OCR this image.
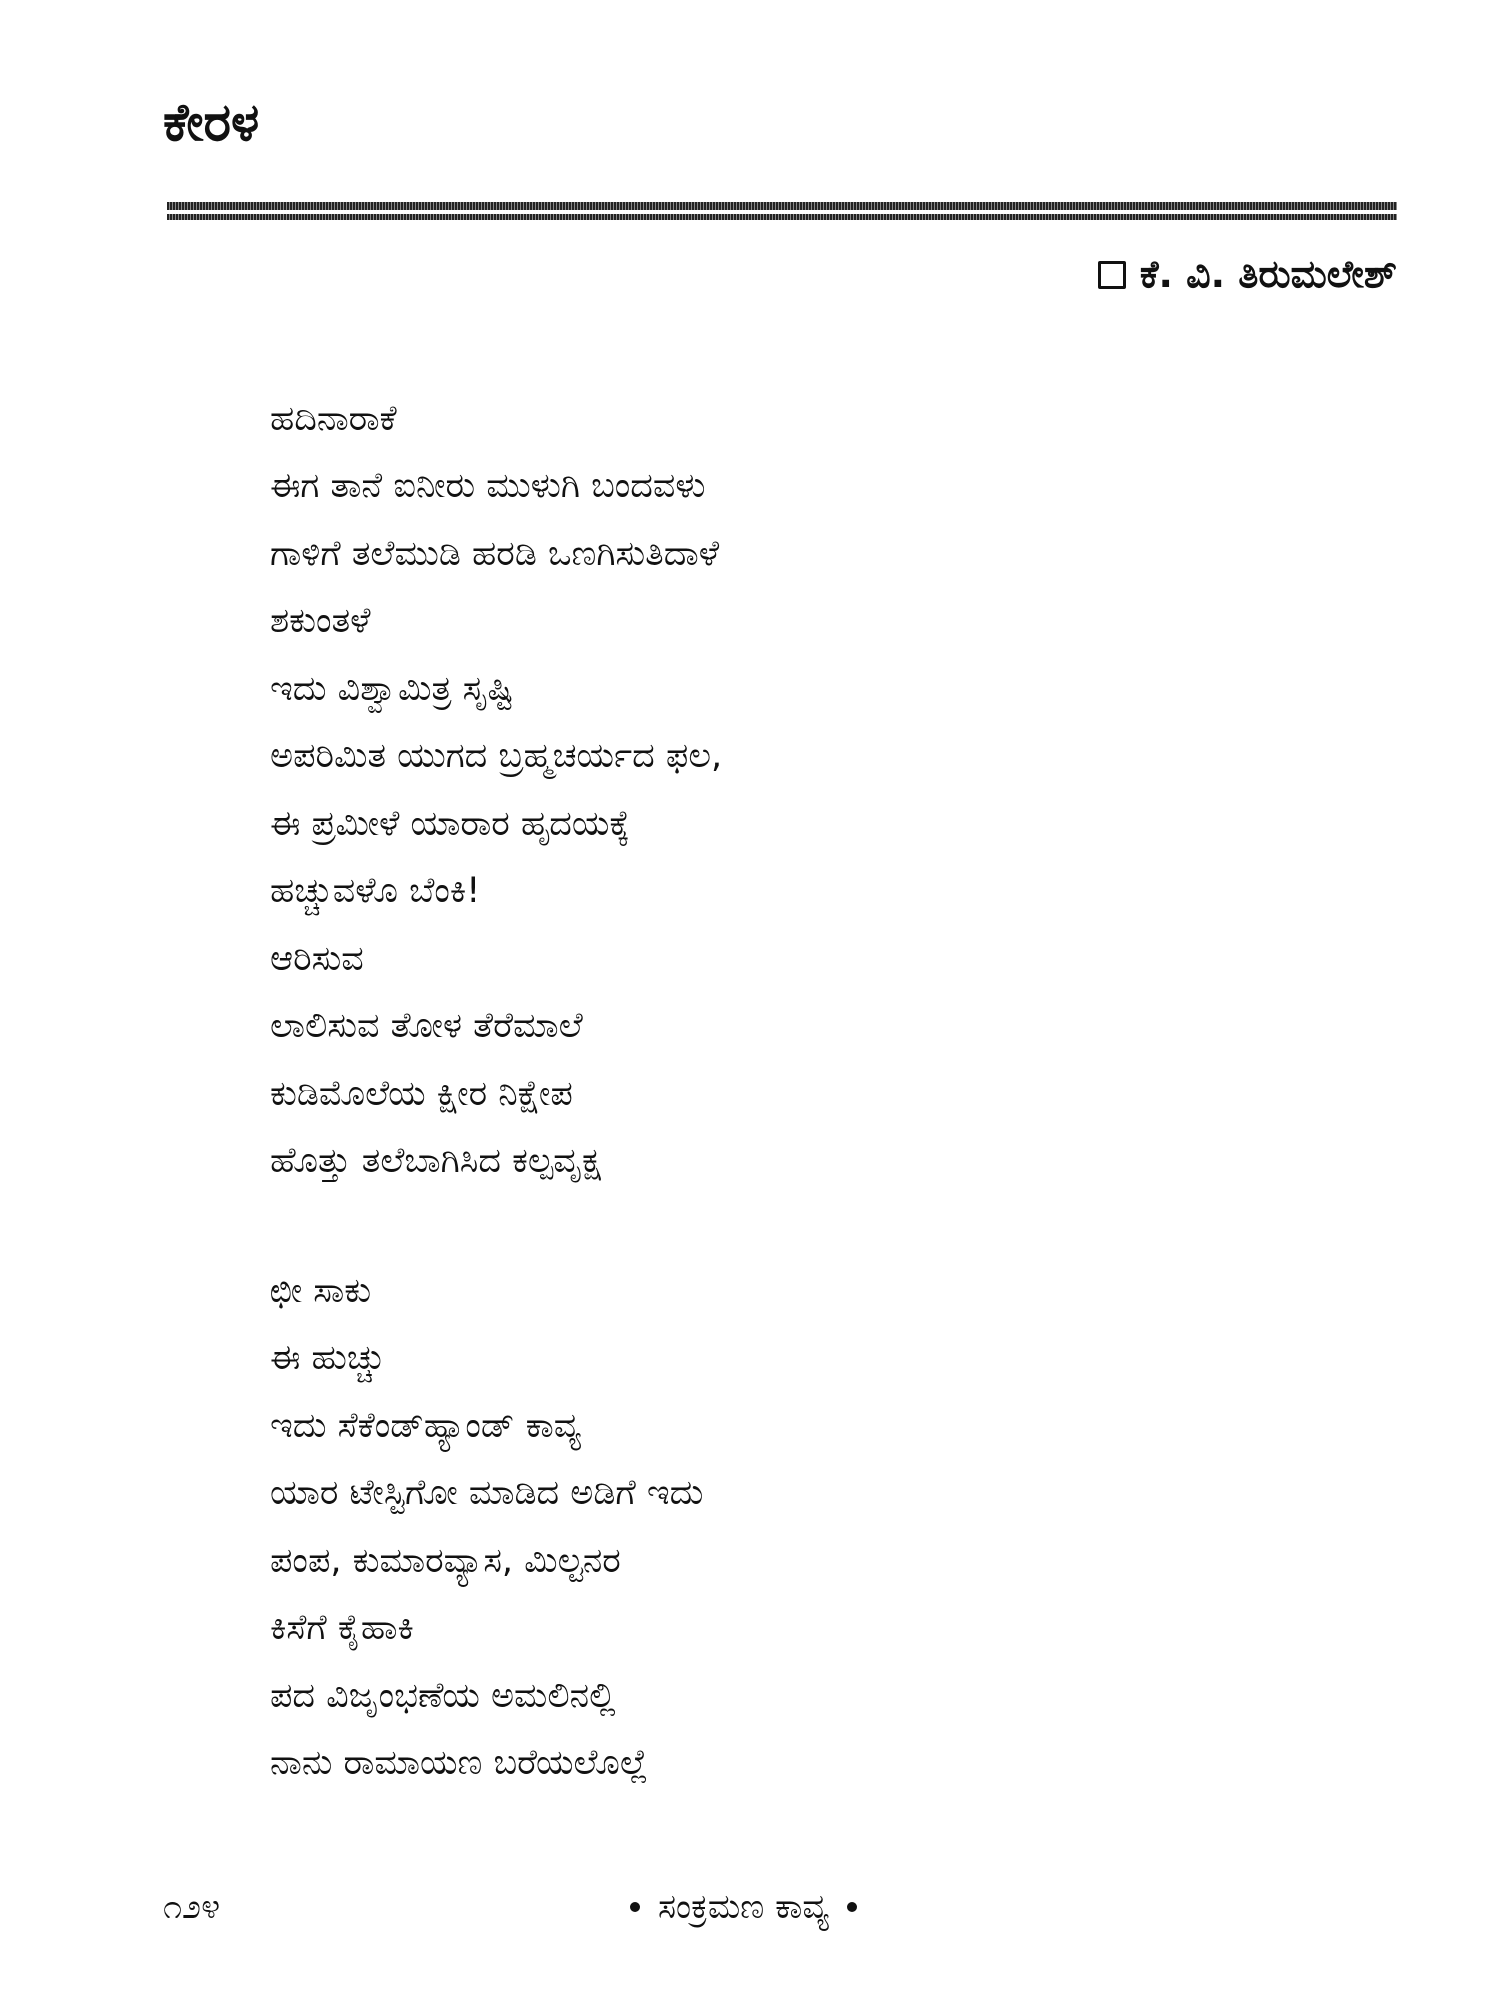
ಕೇರಳ
ಕೆ. ವಿ. ತಿರುಮಲೇಶ್
ಹದಿನಾರಾಕೆ
ಈಗ ತಾನೆ ಐನೀರು ಮುಳುಗಿ ಬಂದವಳು
ಗಾಳಿಗೆ ತಲೆಮುಡಿ ಹರಡಿ ಒಣಗಿಸುತಿದಾಳೆ
ಶಕುಂತಳೆ
ಇದು ವಿಶ್ವಾಮಿತ್ರ ಸೃಷ್ಟಿ
ಅಪರಿಮಿತ ಯುಗದ ಬ್ರಹ್ಮಚರ್ಯದ ಫಲ,
ಈ ಪ್ರಮೀಳೆ ಯಾರಾರ ಹೃದಯಕ್ಕೆ
ಹಚ್ಚುವಳೊ ಬೆಂಕಿ!
ಆರಿಸುವ
ಲಾಲಿಸುವ ತೋಳ ತೆರೆಮಾಲೆ
ಕುಡಿಮೊಲೆಯ ಕ್ಷೀರ ನಿಕ್ಷೇಪ
ಹೊತ್ತು ತಲೆಬಾಗಿಸಿದ ಕಲ್ಪವೃಕ್ಷ
ಛೀ ಸಾಕು
ಈ ಹುಚ್ಚು
ಇದು ಸೆಕೆಂಡ್‌ಹ್ಯಾಂಡ್ ಕಾವ್ಯ
ಯಾರ ಟೇಸ್ಟಿಗೋ ಮಾಡಿದ ಅಡಿಗೆ ಇದು
ಪಂಪ, ಕುಮಾರವ್ಯಾಸ, ಮಿಲ್ಟನರ
ಕಿಸೆಗೆ ಕೈಹಾಕಿ
ಪದ ವಿಜೃಂಭಣೆಯ ಅಮಲಿನಲ್ಲಿ
ನಾನು ರಾಮಾಯಣ ಬರೆಯಲೊಲ್ಲೆ
೧೨೪	ಸಂಕ್ರಮಣ ಕಾವ್ಯ
